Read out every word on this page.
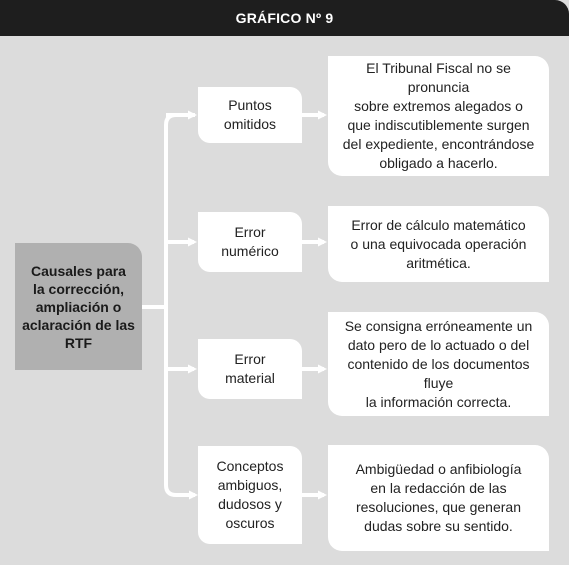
GRÁFICO Nº 9
Causales para
la corrección,
ampliación o
aclaración de las
RTF
Puntos
omitidos
Error
numérico
Error
material
Conceptos
ambiguos,
dudosos y
oscuros
El Tribunal Fiscal no se pronuncia
sobre extremos alegados o
que indiscutiblemente surgen
del expediente, encontrándose
obligado a hacerlo.
Error de cálculo matemático
o una equivocada operación
aritmética.
Se consigna erróneamente un
dato pero de lo actuado o del
contenido de los documentos fluye
la información correcta.
Ambigüedad o anfibiología
en la redacción de las
resoluciones, que generan
dudas sobre su sentido.
